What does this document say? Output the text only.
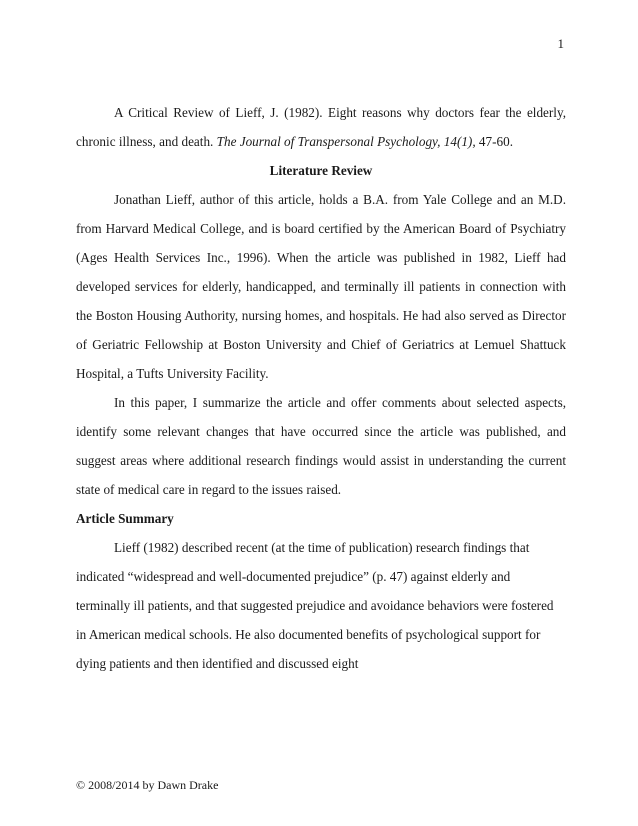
1

A Critical Review of Lieff, J. (1982). Eight reasons why doctors fear the elderly, chronic illness, and death. The Journal of Transpersonal Psychology, 14(1), 47-60.

Literature Review

Jonathan Lieff, author of this article, holds a B.A. from Yale College and an M.D. from Harvard Medical College, and is board certified by the American Board of Psychiatry (Ages Health Services Inc., 1996). When the article was published in 1982, Lieff had developed services for elderly, handicapped, and terminally ill patients in connection with the Boston Housing Authority, nursing homes, and hospitals. He had also served as Director of Geriatric Fellowship at Boston University and Chief of Geriatrics at Lemuel Shattuck Hospital, a Tufts University Facility.

In this paper, I summarize the article and offer comments about selected aspects, identify some relevant changes that have occurred since the article was published, and suggest areas where additional research findings would assist in understanding the current state of medical care in regard to the issues raised.

Article Summary

Lieff (1982) described recent (at the time of publication) research findings that indicated “widespread and well-documented prejudice” (p. 47) against elderly and terminally ill patients, and that suggested prejudice and avoidance behaviors were fostered in American medical schools. He also documented benefits of psychological support for dying patients and then identified and discussed eight

© 2008/2014 by Dawn Drake
